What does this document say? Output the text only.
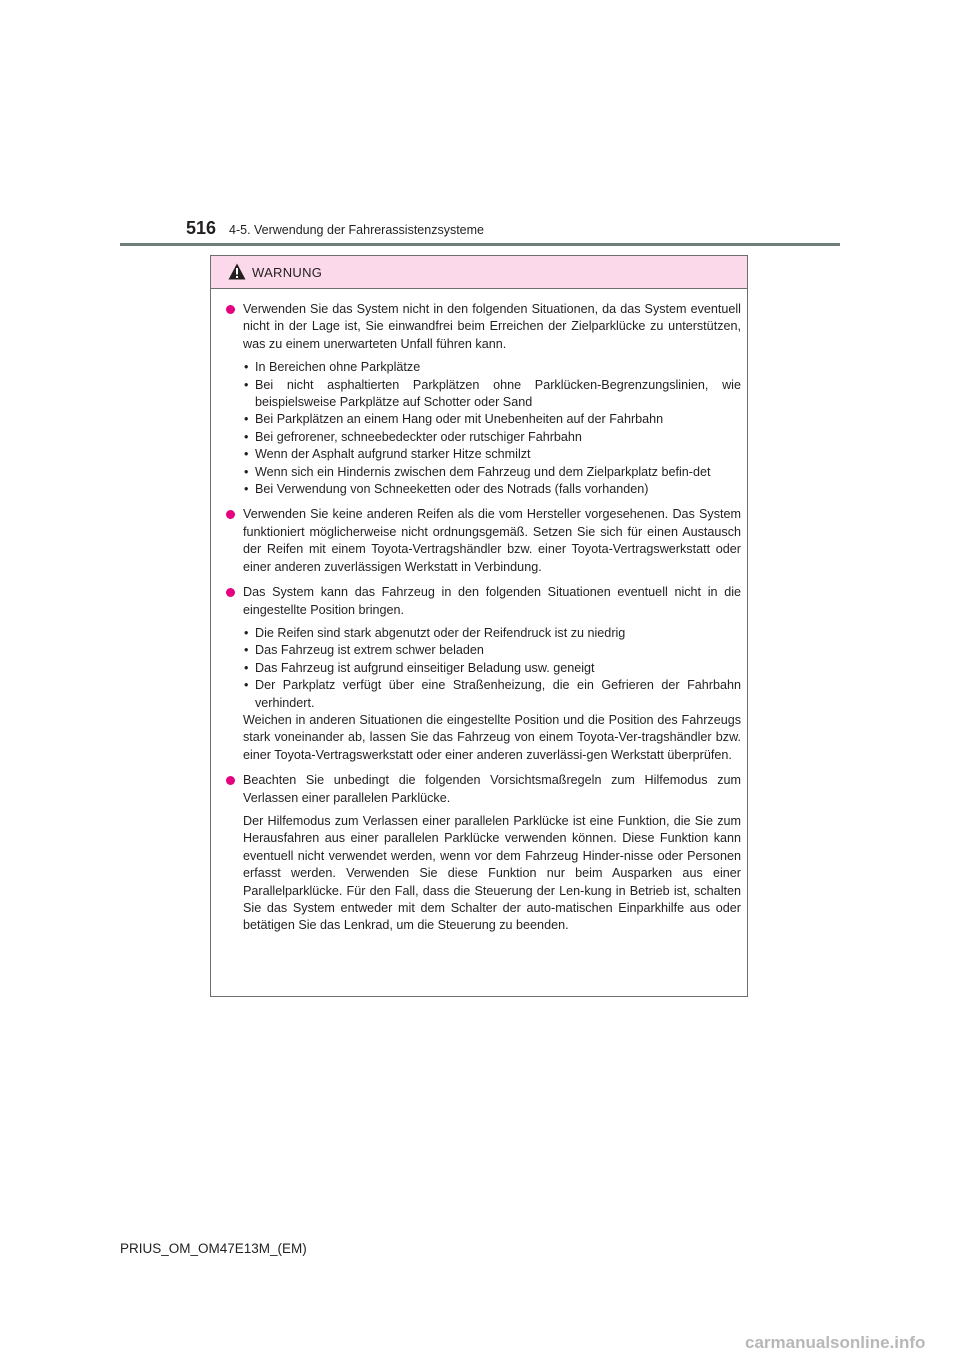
516 4-5. Verwendung der Fahrerassistenzsysteme
WARNUNG

Verwenden Sie das System nicht in den folgenden Situationen, da das System eventuell nicht in der Lage ist, Sie einwandfrei beim Erreichen der Zielparklücke zu unterstützen, was zu einem unerwarteten Unfall führen kann.

• In Bereichen ohne Parkplätze
• Bei nicht asphaltierten Parkplätzen ohne Parklücken-Begrenzungslinien, wie beispielsweise Parkplätze auf Schotter oder Sand
• Bei Parkplätzen an einem Hang oder mit Unebenheiten auf der Fahrbahn
• Bei gefrorener, schneebedeckter oder rutschiger Fahrbahn
• Wenn der Asphalt aufgrund starker Hitze schmilzt
• Wenn sich ein Hindernis zwischen dem Fahrzeug und dem Zielparkplatz befin-det
• Bei Verwendung von Schneeketten oder des Notrads (falls vorhanden)

Verwenden Sie keine anderen Reifen als die vom Hersteller vorgesehenen. Das System funktioniert möglicherweise nicht ordnungsgemäß. Setzen Sie sich für einen Austausch der Reifen mit einem Toyota-Vertragshändler bzw. einer Toyota-Vertragswerkstatt oder einer anderen zuverlässigen Werkstatt in Verbindung.

Das System kann das Fahrzeug in den folgenden Situationen eventuell nicht in die eingestellte Position bringen.

• Die Reifen sind stark abgenutzt oder der Reifendruck ist zu niedrig
• Das Fahrzeug ist extrem schwer beladen
• Das Fahrzeug ist aufgrund einseitiger Beladung usw. geneigt
• Der Parkplatz verfügt über eine Straßenheizung, die ein Gefrieren der Fahrbahn verhindert.

Weichen in anderen Situationen die eingestellte Position und die Position des Fahrzeugs stark voneinander ab, lassen Sie das Fahrzeug von einem Toyota-Ver-tragshändler bzw. einer Toyota-Vertragswerkstatt oder einer anderen zuverlässi-gen Werkstatt überprüfen.

Beachten Sie unbedingt die folgenden Vorsichtsmaßregeln zum Hilfemodus zum Verlassen einer parallelen Parklücke.

Der Hilfemodus zum Verlassen einer parallelen Parklücke ist eine Funktion, die Sie zum Herausfahren aus einer parallelen Parklücke verwenden können. Diese Funktion kann eventuell nicht verwendet werden, wenn vor dem Fahrzeug Hinder-nisse oder Personen erfasst werden. Verwenden Sie diese Funktion nur beim Ausparken aus einer Parallelparklücke. Für den Fall, dass die Steuerung der Len-kung in Betrieb ist, schalten Sie das System entweder mit dem Schalter der auto-matischen Einparkhilfe aus oder betätigen Sie das Lenkrad, um die Steuerung zu beenden.

PRIUS_OM_OM47E13M_(EM)
carmanualsonline.info
